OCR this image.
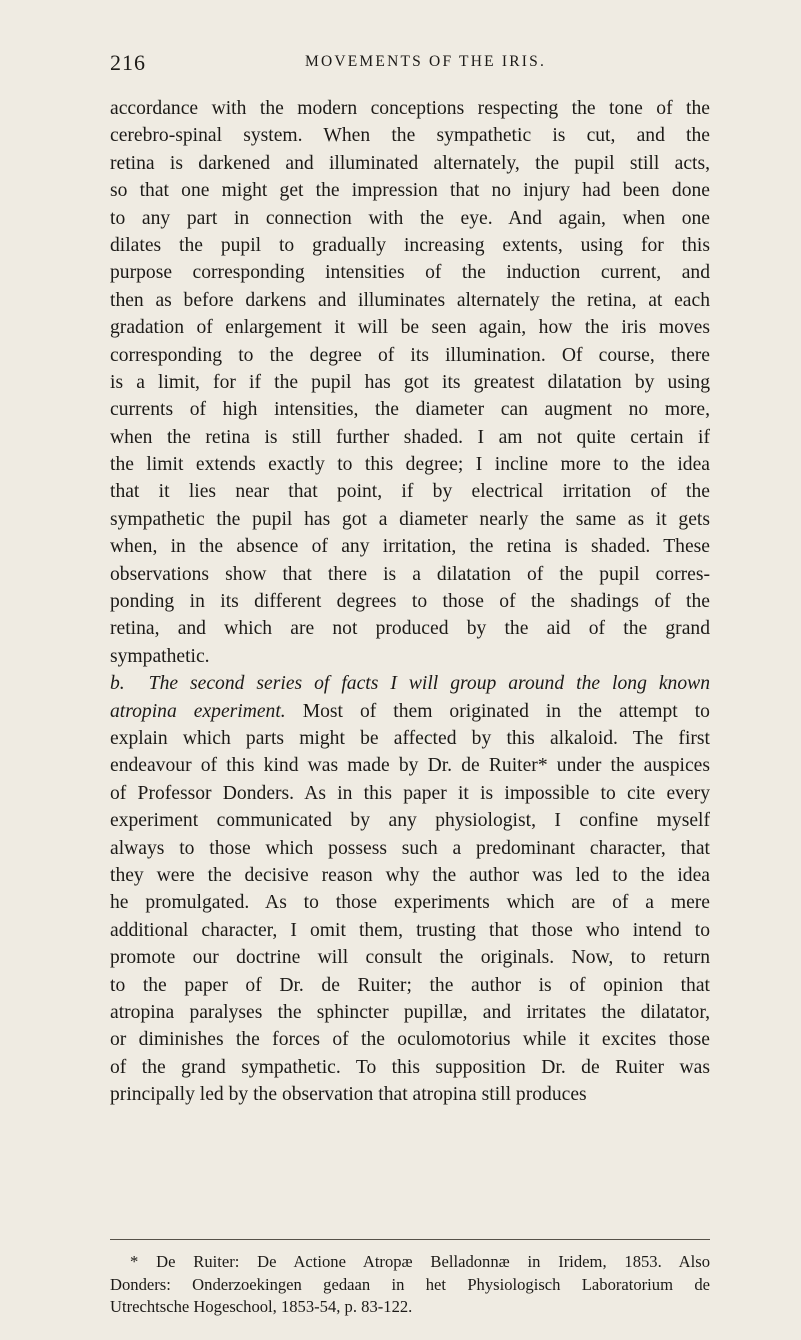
216	MOVEMENTS OF THE IRIS.
accordance with the modern conceptions respecting the tone of the
cerebro-spinal system. When the sympathetic is cut, and the
retina is darkened and illuminated alternately, the pupil still acts,
so that one might get the impression that no injury had been done
to any part in connection with the eye. And again, when one
dilates the pupil to gradually increasing extents, using for this
purpose corresponding intensities of the induction current, and
then as before darkens and illuminates alternately the retina, at each
gradation of enlargement it will be seen again, how the iris moves
corresponding to the degree of its illumination. Of course, there
is a limit, for if the pupil has got its greatest dilatation by using
currents of high intensities, the diameter can augment no more,
when the retina is still further shaded. I am not quite certain if
the limit extends exactly to this degree; I incline more to the idea
that it lies near that point, if by electrical irritation of the
sympathetic the pupil has got a diameter nearly the same as it gets
when, in the absence of any irritation, the retina is shaded. These
observations show that there is a dilatation of the pupil corres-
ponding in its different degrees to those of the shadings of the
retina, and which are not produced by the aid of the grand
sympathetic.
b. The second series of facts I will group around the long known
atropina experiment. Most of them originated in the attempt to
explain which parts might be affected by this alkaloid. The first
endeavour of this kind was made by Dr. de Ruiter* under the auspices
of Professor Donders. As in this paper it is impossible to cite every
experiment communicated by any physiologist, I confine myself
always to those which possess such a predominant character, that
they were the decisive reason why the author was led to the idea
he promulgated. As to those experiments which are of a mere
additional character, I omit them, trusting that those who intend to
promote our doctrine will consult the originals. Now, to return
to the paper of Dr. de Ruiter; the author is of opinion that
atropina paralyses the sphincter pupillæ, and irritates the dilatator,
or diminishes the forces of the oculomotorius while it excites those
of the grand sympathetic. To this supposition Dr. de Ruiter was
principally led by the observation that atropina still produces
* De Ruiter: De Actione Atropæ Belladonnæ in Iridem, 1853. Also
Donders: Onderzoekingen gedaan in het Physiologisch Laboratorium de
Utrechtsche Hogeschool, 1853-54, p. 83-122.
